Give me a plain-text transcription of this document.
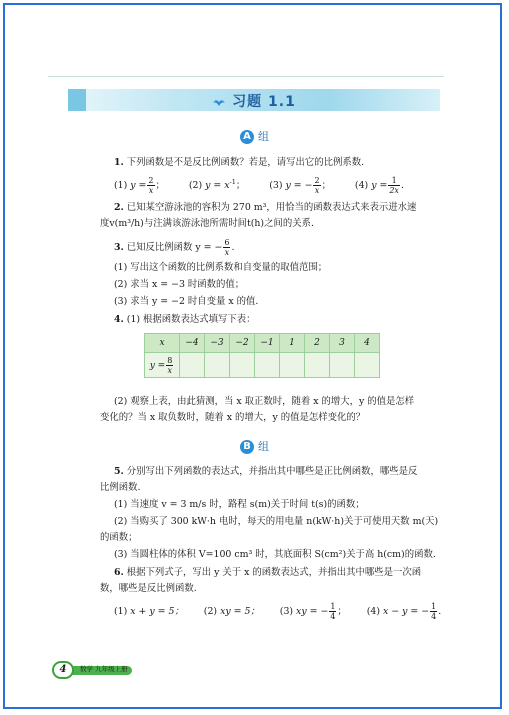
习题 1.1
A 组
1. 下列函数是不是反比例函数？若是，请写出它的比例系数.
(1) $y = \frac{2}{x}$ ；	(2) $y = x^{-1}$；	(3) y = − $\frac{2}{x}$ ；	(4) $y = \frac{1}{2x}$ .
2. 已知某空游泳池的容积为 270 m³，用恰当的函数表达式来表示进水速
度v(m³/h)与注满该游泳池所需时间t(h)之间的关系.
3. 已知反比例函数 y = − $\frac{6}{x}$ .
(1) 写出这个函数的比例系数和自变量的取值范围；
(2) 求当 x = −3 时函数的值；
(3) 求当 y = −2 时自变量 x 的值.
4. (1) 根据函数表达式填写下表：
x	−4	−3	−2	−1	1	2	3	4
$y = \frac{8}{x}$

(2) 观察上表，由此猜测，当 x 取正数时，随着 x 的增大，y 的值是怎样
变化的？当 x 取负数时，随着 x 的增大，y 的值是怎样变化的？
B 组
5. 分别写出下列函数的表达式，并指出其中哪些是正比例函数，哪些是反
比例函数.
(1) 当速度 v = 3 m/s 时，路程 s(m)关于时间 t(s)的函数；
(2) 当购买了 300 kW·h 电时，每天的用电量 n(kW·h)关于可使用天数 m(天)
的函数；
(3) 当圆柱体的体积 V=100 cm³ 时，其底面积 S(cm²)关于高 h(cm)的函数.
6. 根据下列式子，写出 y 关于 x 的函数表达式，并指出其中哪些是一次函
数，哪些是反比例函数.
(1) x + y = 5； (2) xy = 5； (3) xy = − $\frac{1}{4}$ ； (4) x − y = − $\frac{1}{4}$ .
4	数学 九年级上册
